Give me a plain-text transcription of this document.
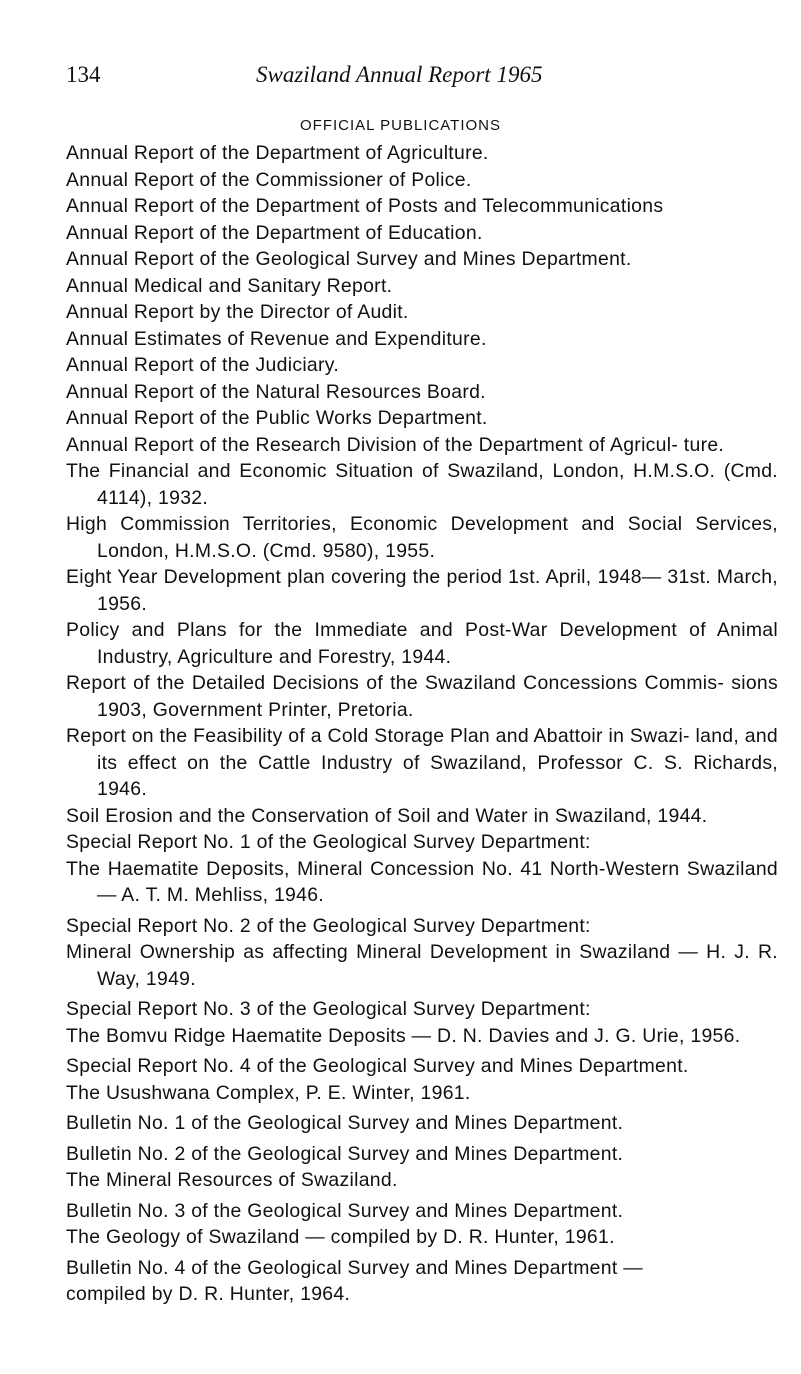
134	Swaziland Annual Report 1965
OFFICIAL PUBLICATIONS
Annual Report of the Department of Agriculture.
Annual Report of the Commissioner of Police.
Annual Report of the Department of Posts and Telecommunications
Annual Report of the Department of Education.
Annual Report of the Geological Survey and Mines Department.
Annual Medical and Sanitary Report.
Annual Report by the Director of Audit.
Annual Estimates of Revenue and Expenditure.
Annual Report of the Judiciary.
Annual Report of the Natural Resources Board.
Annual Report of the Public Works Department.
Annual Report of the Research Division of the Department of Agricul- ture.
The Financial and Economic Situation of Swaziland, London, H.M.S.O. (Cmd. 4114), 1932.
High Commission Territories, Economic Development and Social Services, London, H.M.S.O. (Cmd. 9580), 1955.
Eight Year Development plan covering the period 1st. April, 1948— 31st. March, 1956.
Policy and Plans for the Immediate and Post-War Development of Animal Industry, Agriculture and Forestry, 1944.
Report of the Detailed Decisions of the Swaziland Concessions Commis- sions 1903, Government Printer, Pretoria.
Report on the Feasibility of a Cold Storage Plan and Abattoir in Swazi- land, and its effect on the Cattle Industry of Swaziland, Professor C. S. Richards, 1946.
Soil Erosion and the Conservation of Soil and Water in Swaziland, 1944.
Special Report No. 1 of the Geological Survey Department:
The Haematite Deposits, Mineral Concession No. 41 North-Western Swaziland — A. T. M. Mehliss, 1946.
Special Report No. 2 of the Geological Survey Department:
Mineral Ownership as affecting Mineral Development in Swaziland — H. J. R. Way, 1949.
Special Report No. 3 of the Geological Survey Department:
The Bomvu Ridge Haematite Deposits — D. N. Davies and J. G. Urie, 1956.
Special Report No. 4 of the Geological Survey and Mines Department.
The Usushwana Complex, P. E. Winter, 1961.
Bulletin No. 1 of the Geological Survey and Mines Department.
Bulletin No. 2 of the Geological Survey and Mines Department.
The Mineral Resources of Swaziland.
Bulletin No. 3 of the Geological Survey and Mines Department.
The Geology of Swaziland — compiled by D. R. Hunter, 1961.
Bulletin No. 4 of the Geological Survey and Mines Department —
compiled by D. R. Hunter, 1964.
